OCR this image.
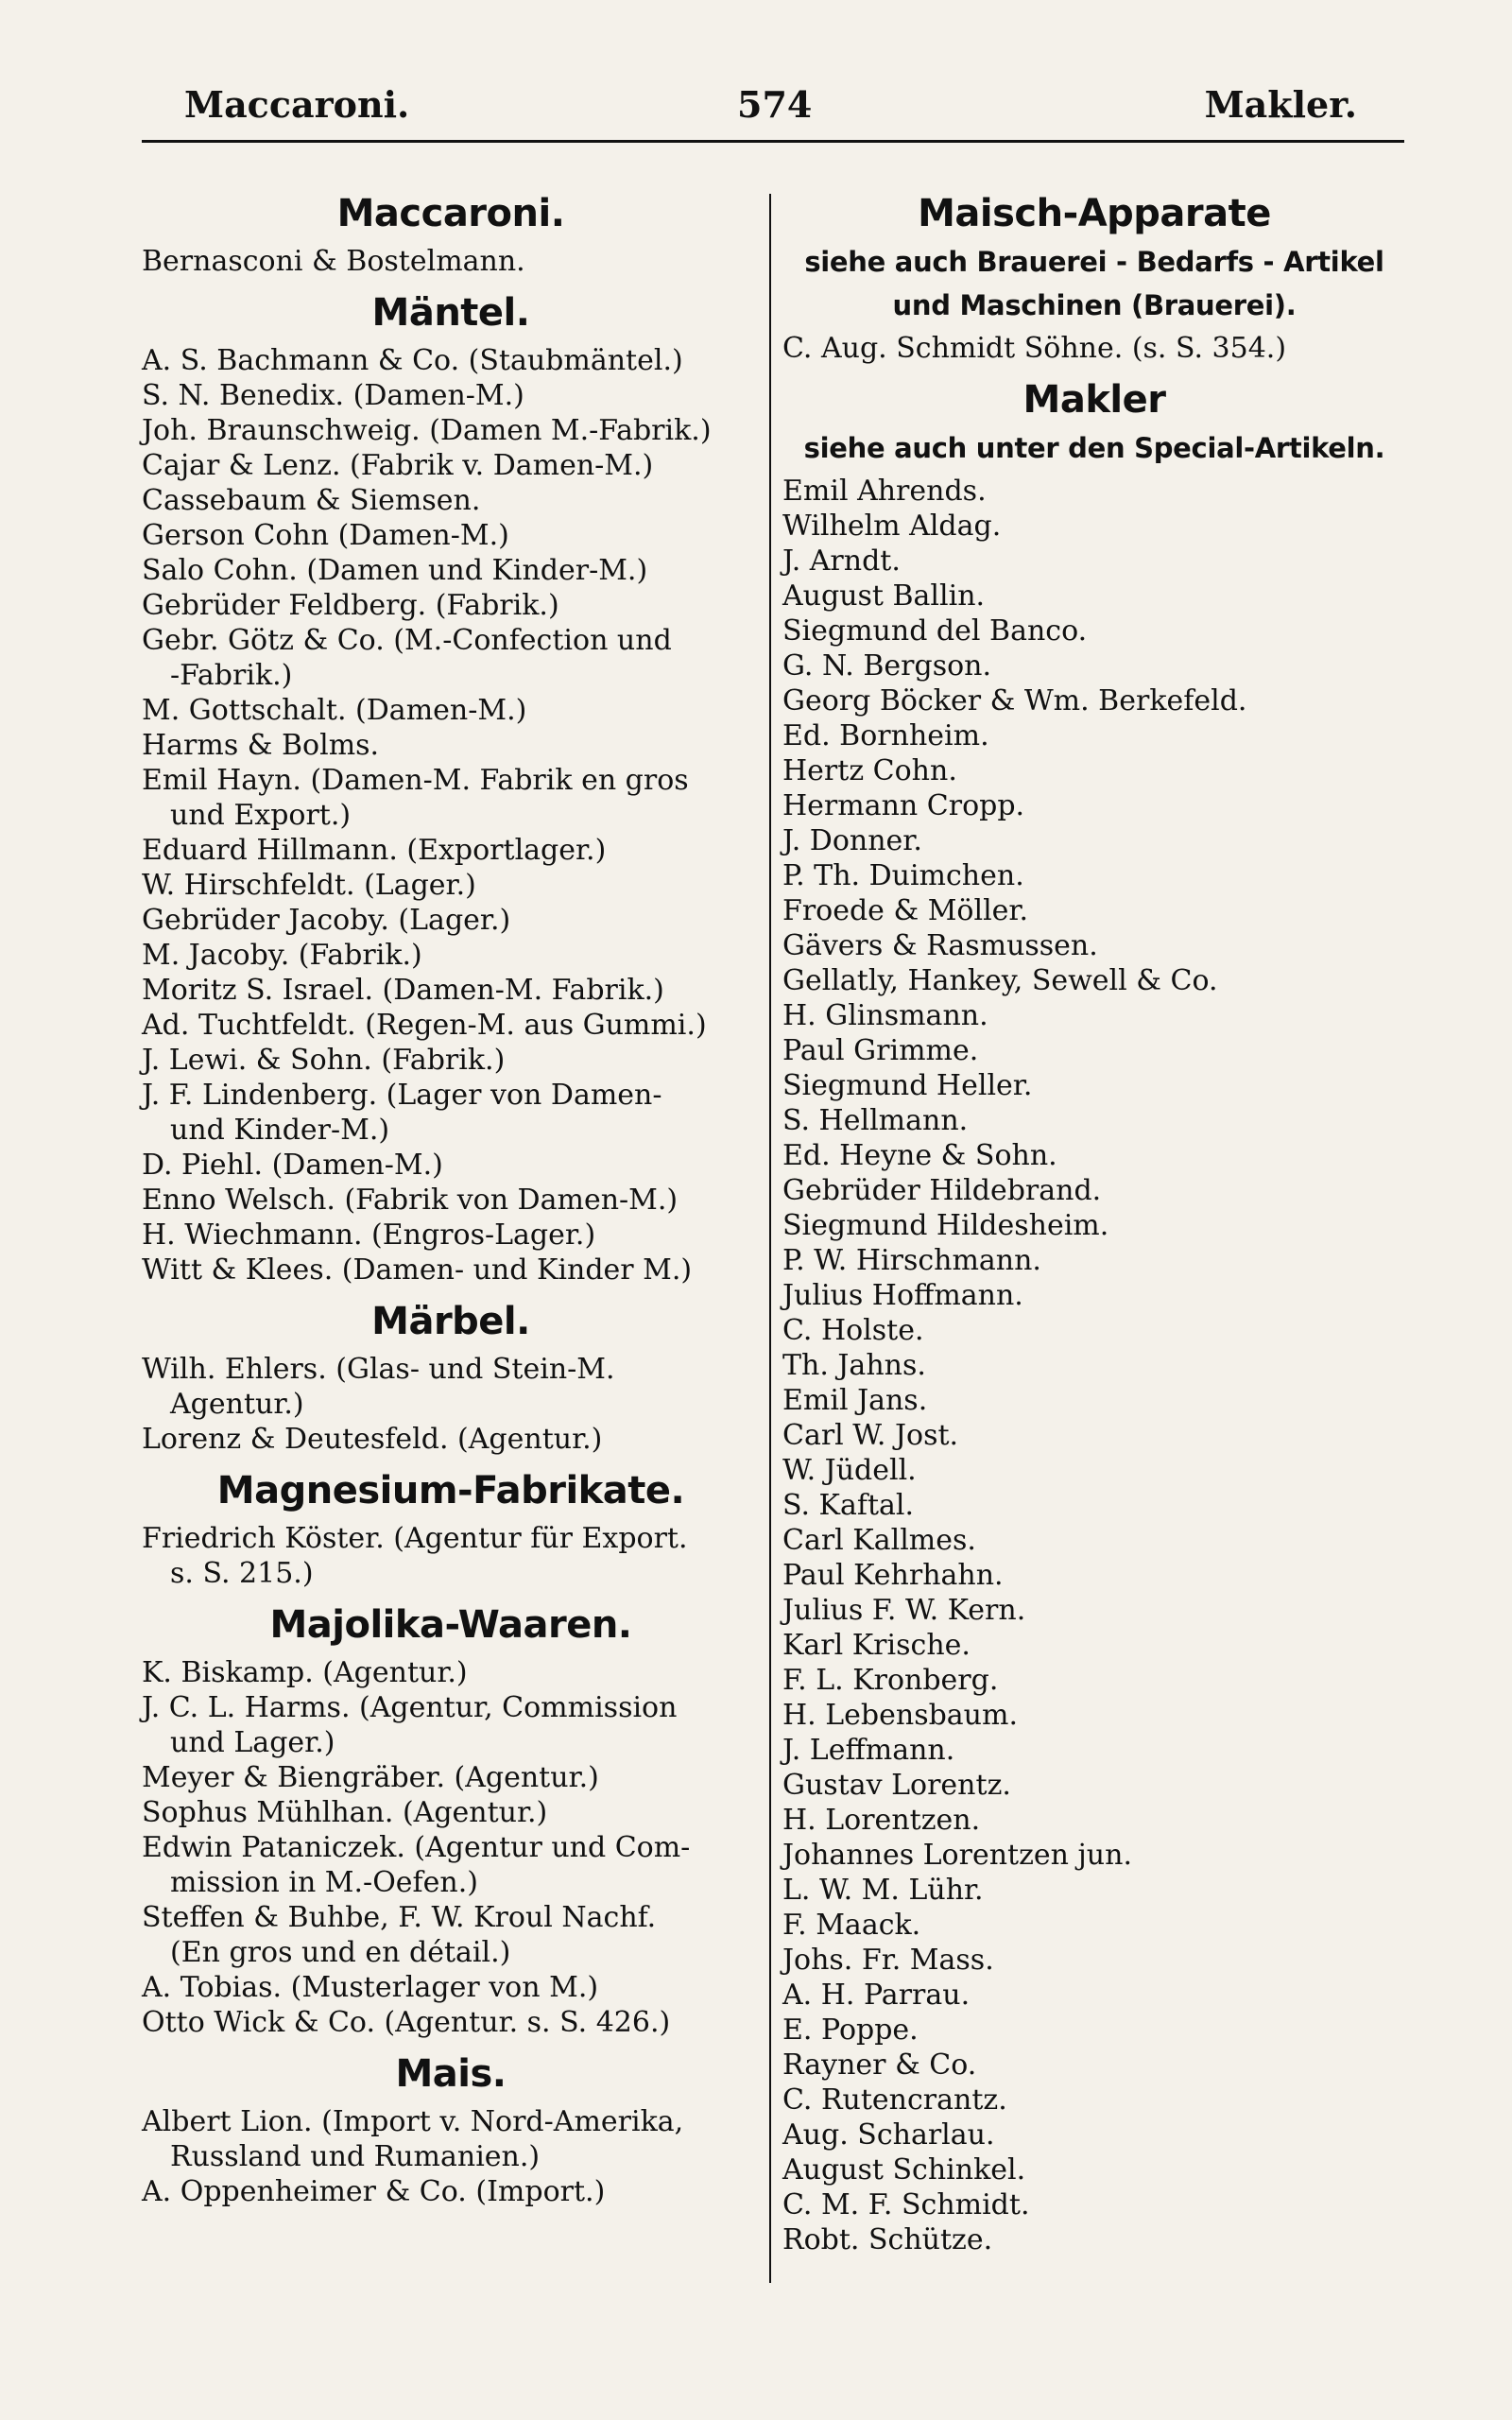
Maccaroni.	574	Makler.
Maccaroni.
Bernasconi & Bostelmann.
Mäntel.
A. S. Bachmann & Co. (Staubmäntel.)
S. N. Benedix. (Damen-M.)
Joh. Braunschweig. (Damen M.-Fabrik.)
Cajar & Lenz. (Fabrik v. Damen-M.)
Cassebaum & Siemsen.
Gerson Cohn (Damen-M.)
Salo Cohn. (Damen und Kinder-M.)
Gebrüder Feldberg. (Fabrik.)
Gebr. Götz & Co. (M.-Confection und
-Fabrik.)
M. Gottschalt. (Damen-M.)
Harms & Bolms.
Emil Hayn. (Damen-M. Fabrik en gros
und Export.)
Eduard Hillmann. (Exportlager.)
W. Hirschfeldt. (Lager.)
Gebrüder Jacoby. (Lager.)
M. Jacoby. (Fabrik.)
Moritz S. Israel. (Damen-M. Fabrik.)
Ad. Tuchtfeldt. (Regen-M. aus Gummi.)
J. Lewi. & Sohn. (Fabrik.)
J. F. Lindenberg. (Lager von Damen-
und Kinder-M.)
D. Piehl. (Damen-M.)
Enno Welsch. (Fabrik von Damen-M.)
H. Wiechmann. (Engros-Lager.)
Witt & Klees. (Damen- und Kinder M.)
Märbel.
Wilh. Ehlers. (Glas- und Stein-M.
Agentur.)
Lorenz & Deutesfeld. (Agentur.)
Magnesium-Fabrikate.
Friedrich Köster. (Agentur für Export.
s. S. 215.)
Majolika-Waaren.
K. Biskamp. (Agentur.)
J. C. L. Harms. (Agentur, Commission
und Lager.)
Meyer & Biengräber. (Agentur.)
Sophus Mühlhan. (Agentur.)
Edwin Pataniczek. (Agentur und Com-
mission in M.-Oefen.)
Steffen & Buhbe, F. W. Kroul Nachf.
(En gros und en détail.)
A. Tobias. (Musterlager von M.)
Otto Wick & Co. (Agentur. s. S. 426.)
Mais.
Albert Lion. (Import v. Nord-Amerika,
Russland und Rumanien.)
A. Oppenheimer & Co. (Import.)
Maisch-Apparate
siehe auch Brauerei - Bedarfs - Artikel
und Maschinen (Brauerei).
C. Aug. Schmidt Söhne. (s. S. 354.)
Makler
siehe auch unter den Special-Artikeln.
Emil Ahrends.
Wilhelm Aldag.
J. Arndt.
August Ballin.
Siegmund del Banco.
G. N. Bergson.
Georg Böcker & Wm. Berkefeld.
Ed. Bornheim.
Hertz Cohn.
Hermann Cropp.
J. Donner.
P. Th. Duimchen.
Froede & Möller.
Gävers & Rasmussen.
Gellatly, Hankey, Sewell & Co.
H. Glinsmann.
Paul Grimme.
Siegmund Heller.
S. Hellmann.
Ed. Heyne & Sohn.
Gebrüder Hildebrand.
Siegmund Hildesheim.
P. W. Hirschmann.
Julius Hoffmann.
C. Holste.
Th. Jahns.
Emil Jans.
Carl W. Jost.
W. Jüdell.
S. Kaftal.
Carl Kallmes.
Paul Kehrhahn.
Julius F. W. Kern.
Karl Krische.
F. L. Kronberg.
H. Lebensbaum.
J. Leffmann.
Gustav Lorentz.
H. Lorentzen.
Johannes Lorentzen jun.
L. W. M. Lühr.
F. Maack.
Johs. Fr. Mass.
A. H. Parrau.
E. Poppe.
Rayner & Co.
C. Rutencrantz.
Aug. Scharlau.
August Schinkel.
C. M. F. Schmidt.
Robt. Schütze.
